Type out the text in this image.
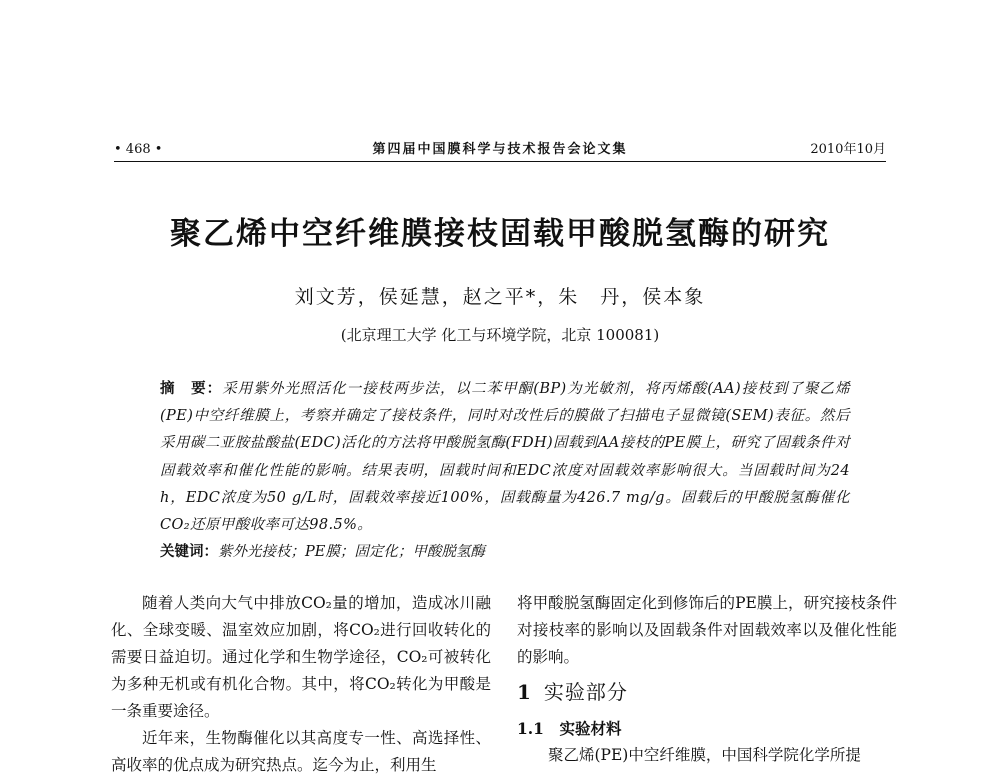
• 468 •	第四届中国膜科学与技术报告会论文集	2010年10月
聚乙烯中空纤维膜接枝固载甲酸脱氢酶的研究
刘文芳，侯延慧，赵之平*，朱　丹，侯本象
(北京理工大学 化工与环境学院，北京 100081)
摘　要：采用紫外光照活化一接枝两步法，以二苯甲酮(BP)为光敏剂，将丙烯酸(AA)接枝到了聚乙烯(PE)中空纤维膜上，考察并确定了接枝条件，同时对改性后的膜做了扫描电子显微镜(SEM)表征。然后采用碳二亚胺盐酸盐(EDC)活化的方法将甲酸脱氢酶(FDH)固载到AA接枝的PE膜上，研究了固载条件对固载效率和催化性能的影响。结果表明，固载时间和EDC浓度对固载效率影响很大。当固载时间为24 h，EDC浓度为50 g/L时，固载效率接近100%，固载酶量为426.7 mg/g。固载后的甲酸脱氢酶催化CO₂还原甲酸收率可达98.5%。
关键词：紫外光接枝；PE膜；固定化；甲酸脱氢酶

随着人类向大气中排放CO₂量的增加，造成冰川融化、全球变暖、温室效应加剧，将CO₂进行回收转化的需要日益迫切。通过化学和生物学途径，CO₂可被转化为多种无机或有机化合物。其中，将CO₂转化为甲酸是一条重要途径。

近年来，生物酶催化以其高度专一性、高选择性、高收率的优点成为研究热点。迄今为止，利用生

将甲酸脱氢酶固定化到修饰后的PE膜上，研究接枝条件对接枝率的影响以及固载条件对固载效率以及催化性能的影响。

1 实验部分

1.1　实验材料

聚乙烯(PE)中空纤维膜，中国科学院化学所提
